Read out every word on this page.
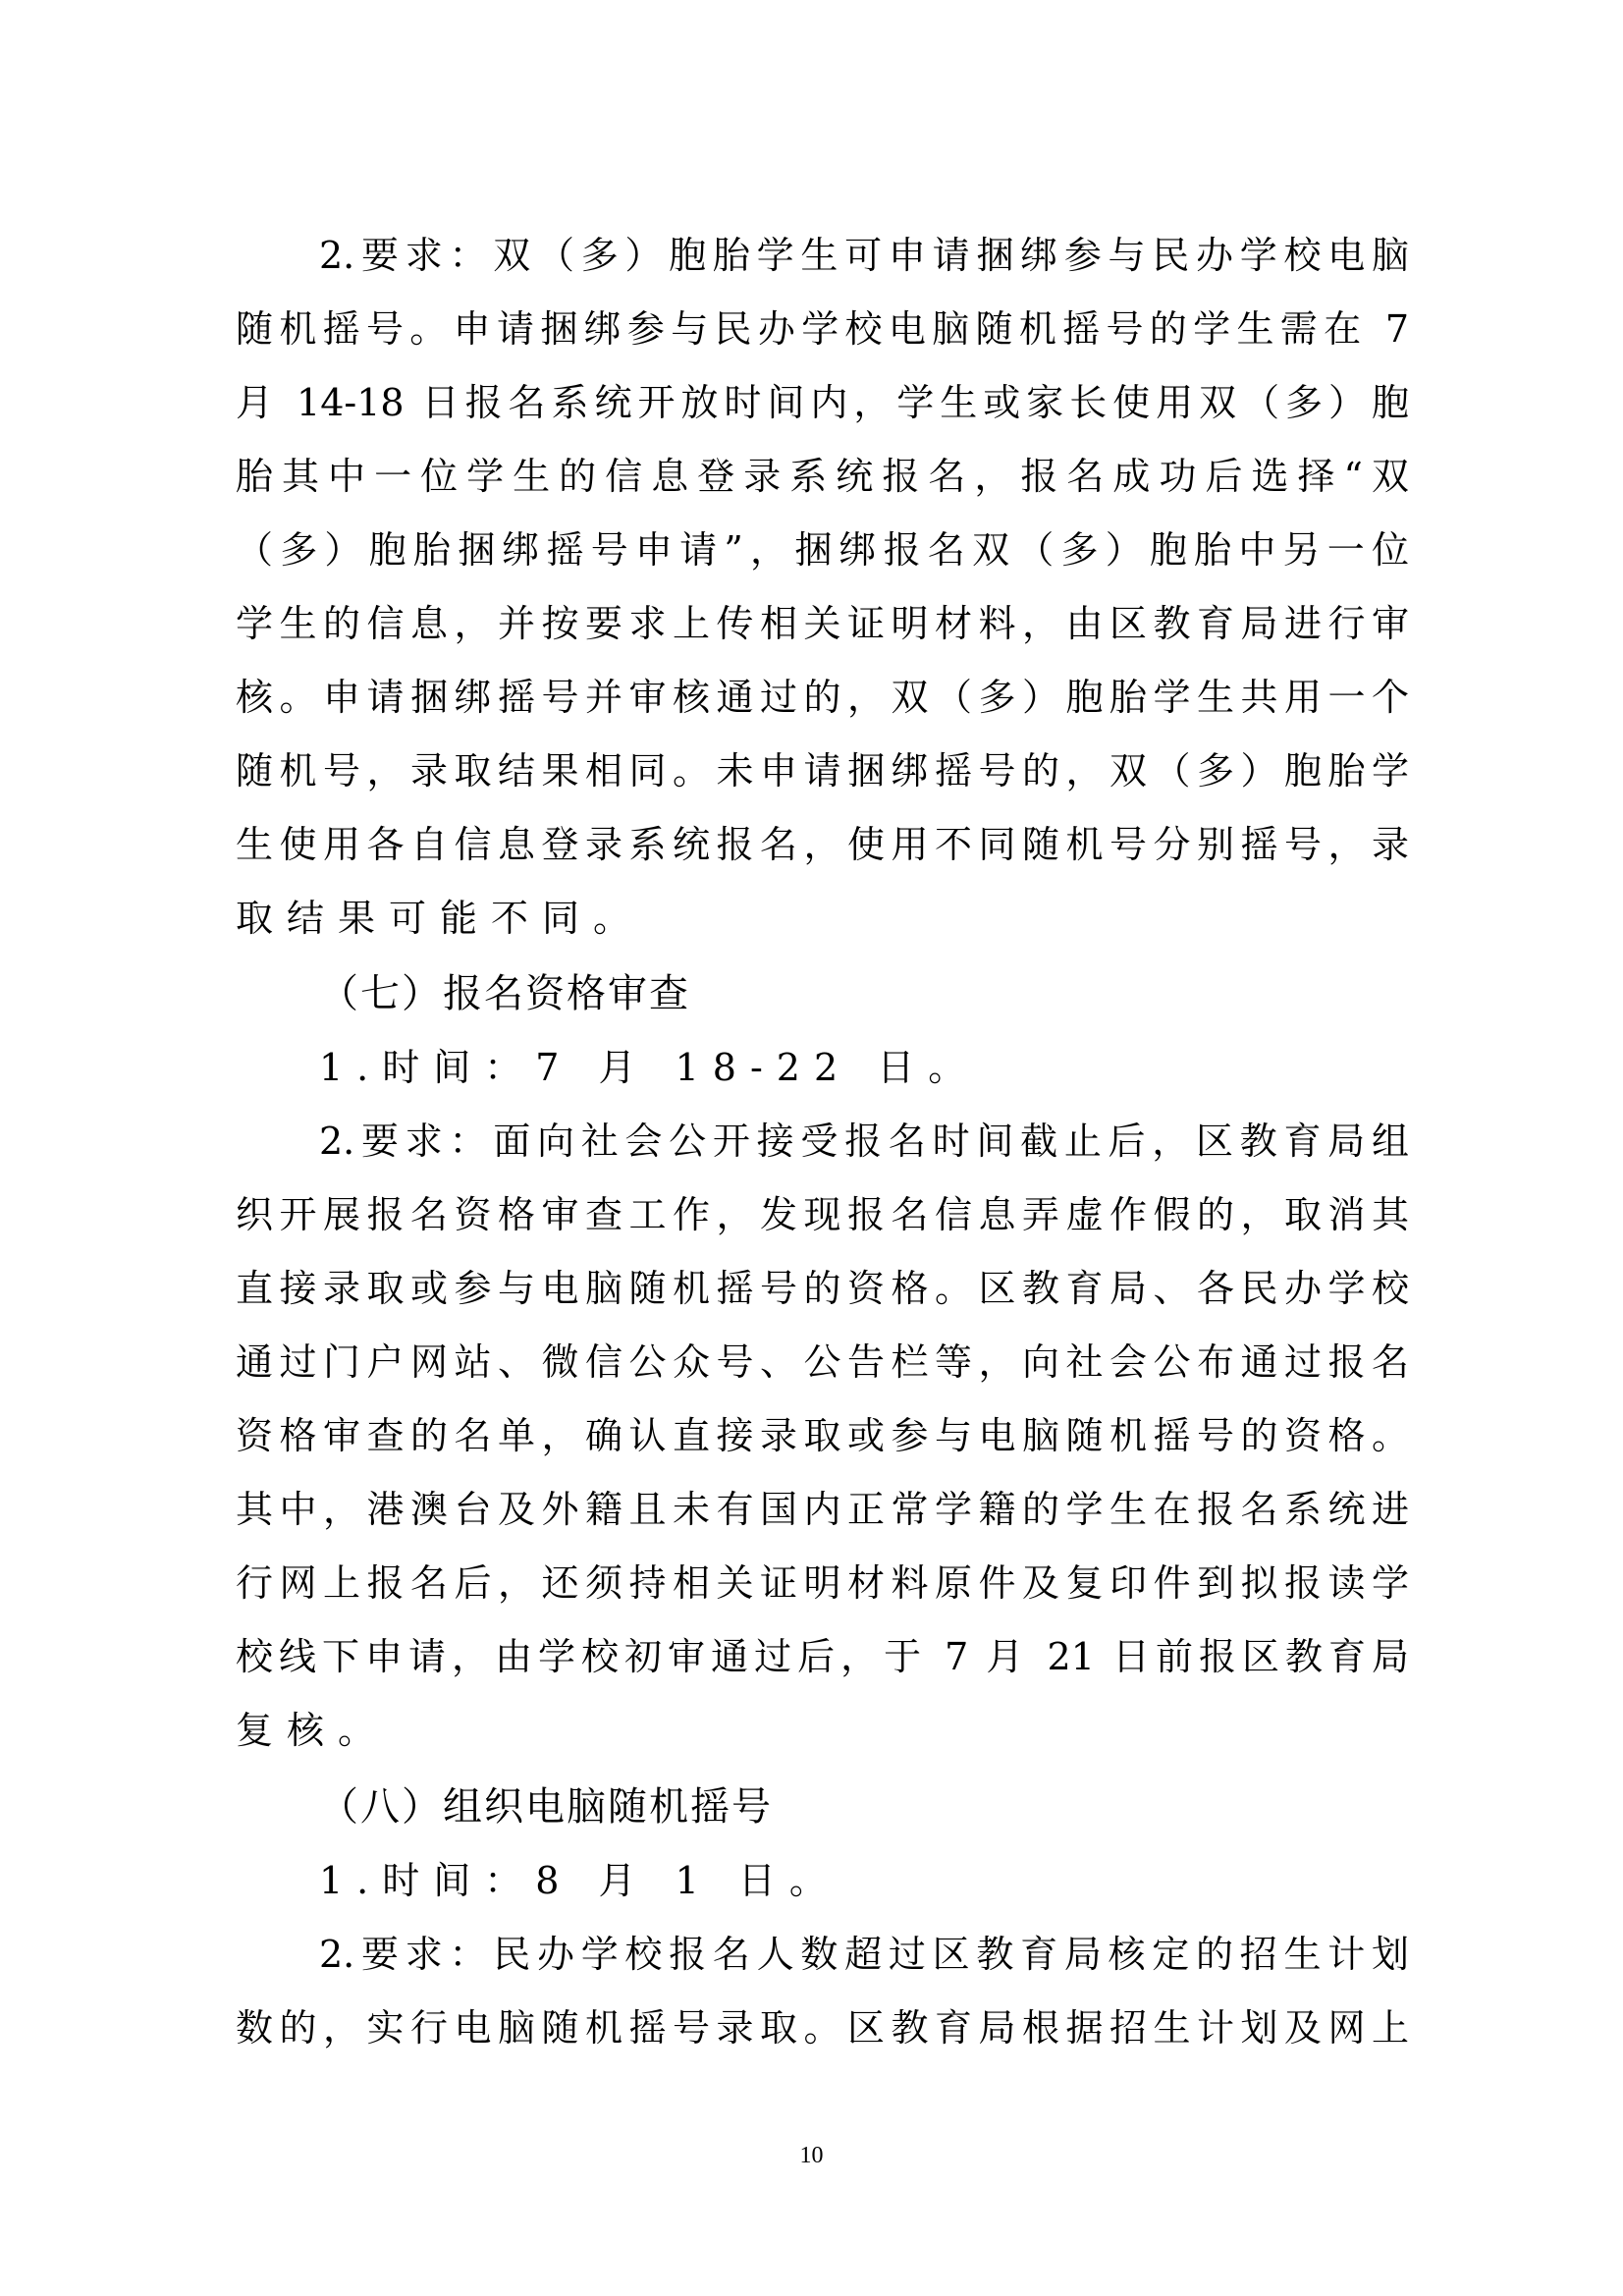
2.要求：双（多）胞胎学生可申请捆绑参与民办学校电脑
随机摇号。申请捆绑参与民办学校电脑随机摇号的学生需在 7
月 14-18 日报名系统开放时间内，学生或家长使用双（多）胞
胎其中一位学生的信息登录系统报名，报名成功后选择“双
（多）胞胎捆绑摇号申请”，捆绑报名双（多）胞胎中另一位
学生的信息，并按要求上传相关证明材料，由区教育局进行审
核。申请捆绑摇号并审核通过的，双（多）胞胎学生共用一个
随机号，录取结果相同。未申请捆绑摇号的，双（多）胞胎学
生使用各自信息登录系统报名，使用不同随机号分别摇号，录
取结果可能不同。
（七）报名资格审查
1.时间：7 月 18-22 日。
2.要求：面向社会公开接受报名时间截止后，区教育局组
织开展报名资格审查工作，发现报名信息弄虚作假的，取消其
直接录取或参与电脑随机摇号的资格。区教育局、各民办学校
通过门户网站、微信公众号、公告栏等，向社会公布通过报名
资格审查的名单，确认直接录取或参与电脑随机摇号的资格。
其中，港澳台及外籍且未有国内正常学籍的学生在报名系统进
行网上报名后，还须持相关证明材料原件及复印件到拟报读学
校线下申请，由学校初审通过后，于 7 月 21 日前报区教育局
复核。
（八）组织电脑随机摇号
1.时间：8 月 1 日。
2.要求：民办学校报名人数超过区教育局核定的招生计划
数的，实行电脑随机摇号录取。区教育局根据招生计划及网上
10
